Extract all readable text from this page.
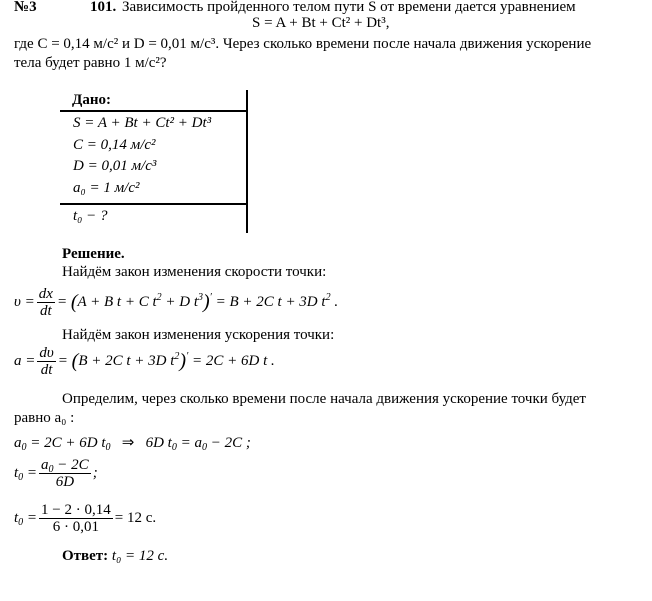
№3	101. Зависимость пройденного телом пути S от времени дается уравнением
S = A + Bt + Ct² + Dt³,
где С = 0,14 м/с² и D = 0,01 м/с³. Через сколько времени после начала движения ускорение
тела будет равно 1 м/с²?
Дано:
S = A + Bt + Ct² + Dt³
C = 0,14 м/с²
D = 0,01 м/с³
a₀ = 1 м/с²
t₀ − ?
Решение.
Найдём закон изменения скорости точки:
$\upsilon = \frac{dx}{dt} = (A + B$ t + C $t^2 + D$ $t^3)' = B + 2C$ t + 3D $t^2$ .
Найдём закон изменения ускорения точки:
$a = \frac{d\upsilon}{dt} = (B + 2C$ t + 3D $t^2)' = 2C + 6D$ t .
Определим, через сколько времени после начала движения ускорение точки будет
равно a₀ :
$a_0 = 2C + 6D$ $t_0$ ⇒   6D $t_0 = a_0 - 2C$ ;
$t_0 = \frac{a_0 - 2C}{6D}$ ;
$t_0 = \frac{1 - 2 \cdot 0,14}{6 \cdot 0,01} = 12$ с.
Ответ: t₀ = 12 с.
